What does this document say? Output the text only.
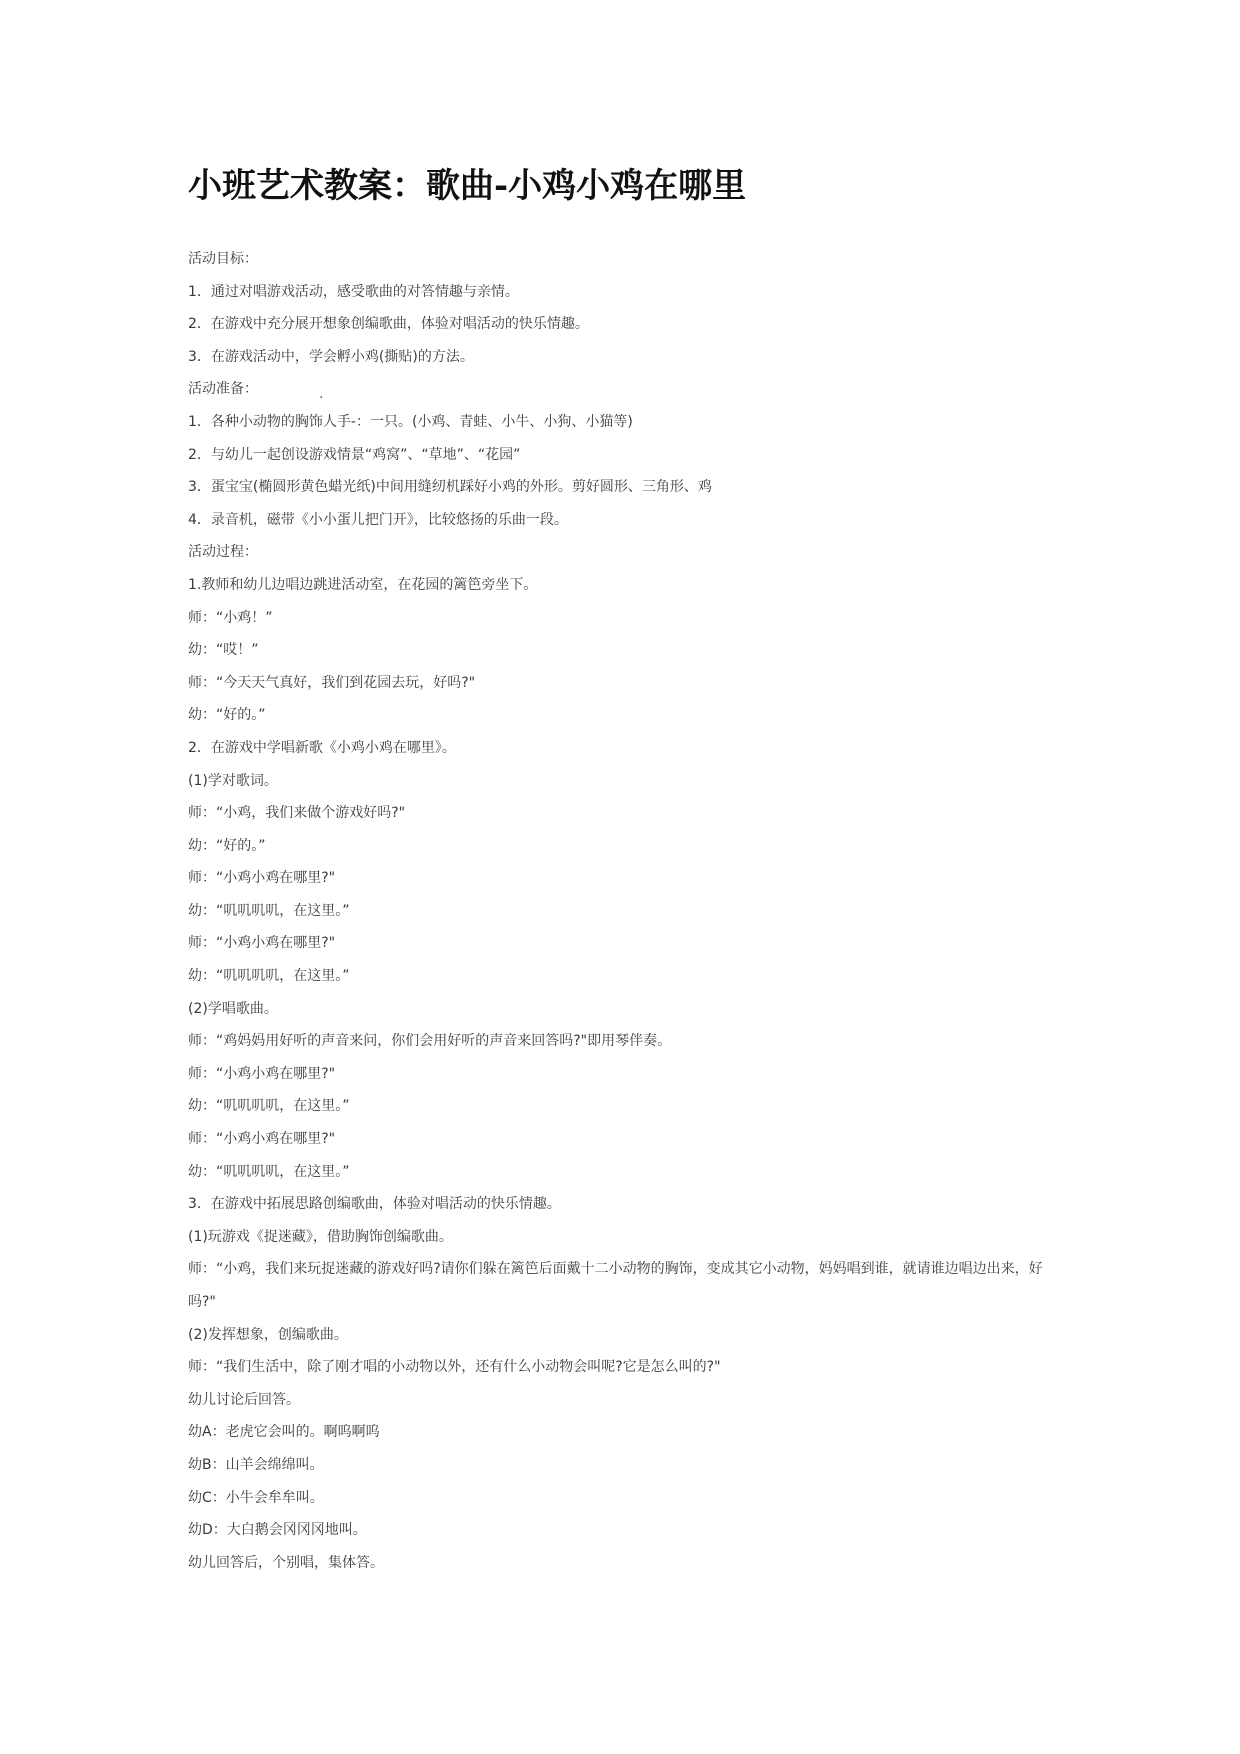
小班艺术教案：歌曲-小鸡小鸡在哪里
·

活动目标：

1．通过对唱游戏活动，感受歌曲的对答情趣与亲情。

2．在游戏中充分展开想象创编歌曲，体验对唱活动的快乐情趣。

3．在游戏活动中，学会孵小鸡(撕贴)的方法。

活动准备：

1．各种小动物的胸饰人手-：一只。(小鸡、青蛙、小牛、小狗、小猫等)

2．与幼儿一起创设游戏情景“鸡窝”、“草地”、“花园”

3．蛋宝宝(椭圆形黄色蜡光纸)中间用缝纫机踩好小鸡的外形。剪好圆形、三角形、鸡

4．录音机，磁带《小小蛋儿把门开》，比较悠扬的乐曲一段。

活动过程：

1.教师和幼儿边唱边跳进活动室，在花园的篱笆旁坐下。

师：“小鸡！”

幼：“哎！”

师：“今天天气真好，我们到花园去玩，好吗?"

幼：“好的。”

2．在游戏中学唱新歌《小鸡小鸡在哪里》。

(1)学对歌词。

师：“小鸡，我们来做个游戏好吗?"

幼：“好的。”

师：“小鸡小鸡在哪里?"

幼：“叽叽叽叽，在这里。”

师：“小鸡小鸡在哪里?"

幼：“叽叽叽叽，在这里。”

(2)学唱歌曲。

师：“鸡妈妈用好听的声音来问，你们会用好听的声音来回答吗?"即用琴伴奏。

师：“小鸡小鸡在哪里?"

幼：“叽叽叽叽，在这里。”

师：“小鸡小鸡在哪里?"

幼：“叽叽叽叽，在这里。”

3．在游戏中拓展思路创编歌曲，体验对唱活动的快乐情趣。

(1)玩游戏《捉迷藏》，借助胸饰创编歌曲。

师：“小鸡，我们来玩捉迷藏的游戏好吗?请你们躲在篱笆后面戴十二小动物的胸饰，变成其它小动物，妈妈唱到谁，就请谁边唱边出来，好吗?"

(2)发挥想象，创编歌曲。

师：“我们生活中，除了刚才唱的小动物以外，还有什么小动物会叫呢?它是怎么叫的?"

幼儿讨论后回答。

幼A：老虎它会叫的。啊呜啊呜

幼B：山羊会绵绵叫。

幼C：小牛会牟牟叫。

幼D：大白鹅会冈冈冈地叫。

幼儿回答后，个别唱，集体答。
